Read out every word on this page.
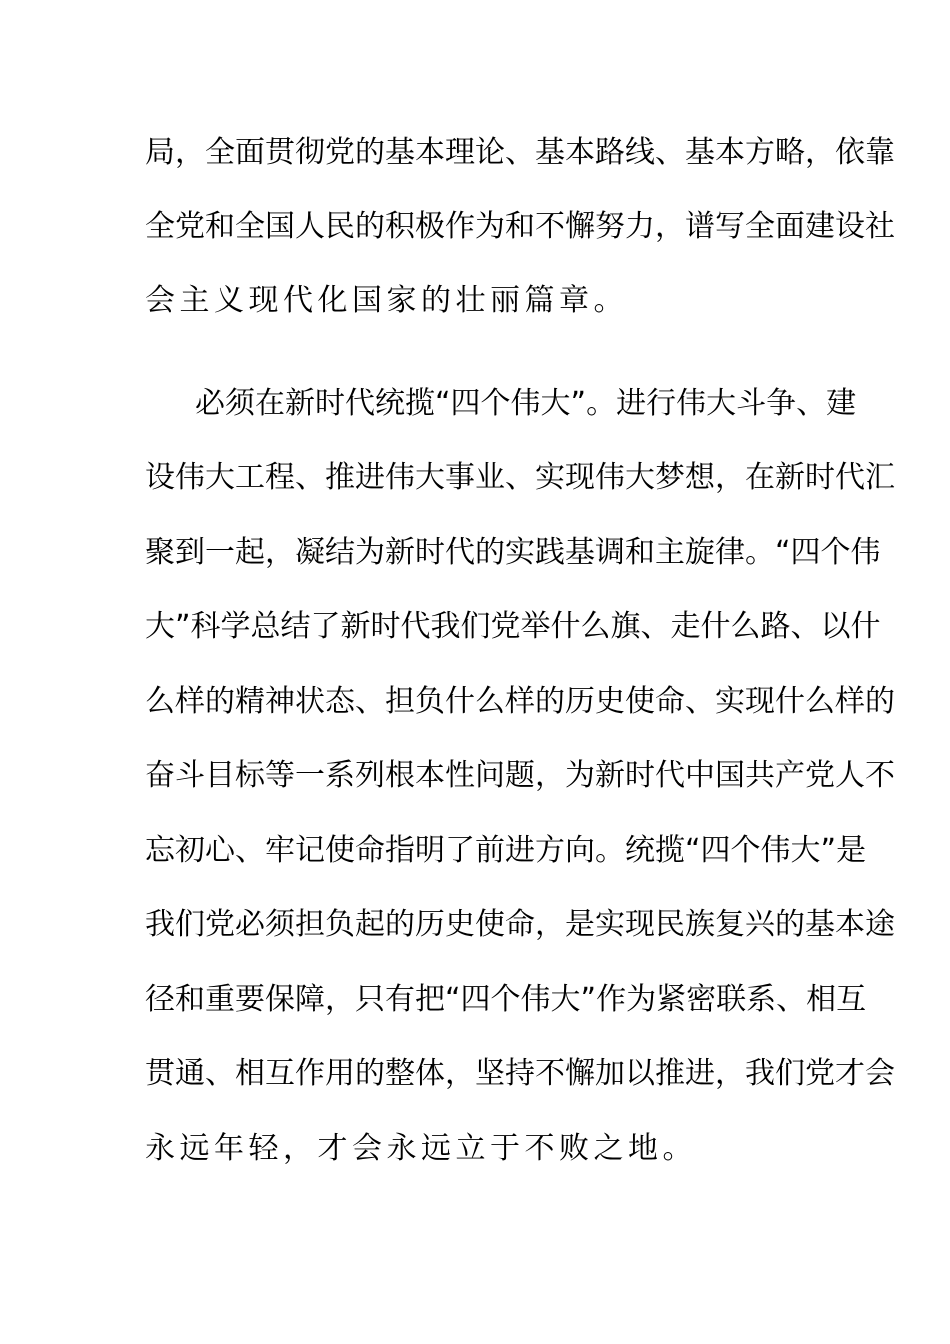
局 ， 全 面 贯 彻 党 的 基 本 理 论 、 基 本 路 线 、 基 本 方 略 ， 依 靠
全 党 和 全 国 人 民 的 积 极 作 为 和 不 懈 努 力 ， 谱 写 全 面 建 设 社
会主义现代化国家的壮丽篇章。
必 须 在 新 时 代 统 揽 “ 四 个 伟 大 ” 。 进 行 伟 大 斗 争 、 建
设 伟 大 工 程 、 推 进 伟 大 事 业 、 实 现 伟 大 梦 想 ， 在 新 时 代 汇
聚 到 一 起 ， 凝 结 为 新 时 代 的 实 践 基 调 和 主 旋 律 。 “ 四 个 伟
大 ” 科 学 总 结 了 新 时 代 我 们 党 举 什 么 旗 、 走 什 么 路 、 以 什
么 样 的 精 神 状 态 、 担 负 什 么 样 的 历 史 使 命 、 实 现 什 么 样 的
奋 斗 目 标 等 一 系 列 根 本 性 问 题 ， 为 新 时 代 中 国 共 产 党 人 不
忘 初 心 、 牢 记 使 命 指 明 了 前 进 方 向 。 统 揽 “ 四 个 伟 大 ” 是
我 们 党 必 须 担 负 起 的 历 史 使 命 ， 是 实 现 民 族 复 兴 的 基 本 途
径 和 重 要 保 障 ， 只 有 把 “ 四 个 伟 大 ” 作 为 紧 密 联 系 、 相 互
贯 通 、 相 互 作 用 的 整 体 ， 坚 持 不 懈 加 以 推 进 ， 我 们 党 才 会
永远年轻，才会永远立于不败之地。
